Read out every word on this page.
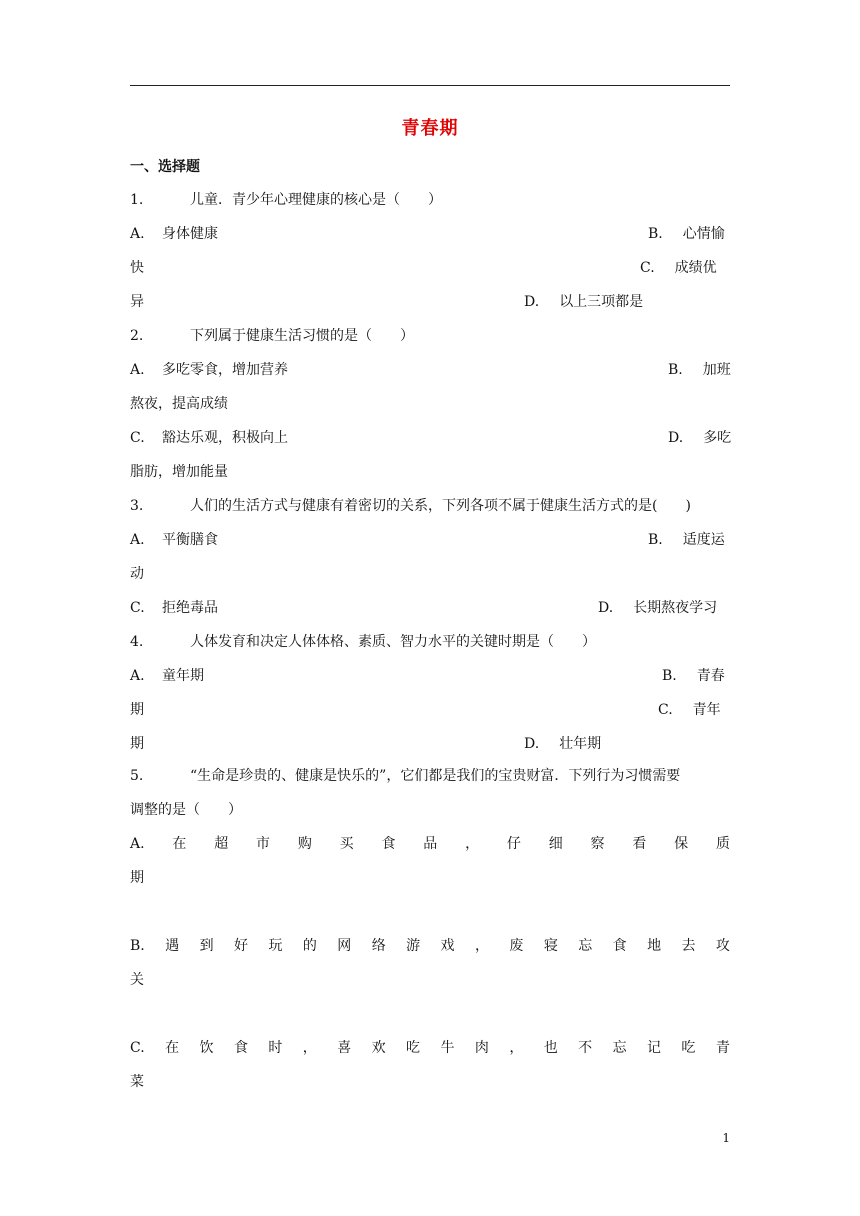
青春期
一、选择题
1.	儿童．青少年心理健康的核心是（　　）
A. 身体健康	B. 心情愉
快	C. 成绩优
异	D. 以上三项都是
2.	下列属于健康生活习惯的是（　　）
A. 多吃零食，增加营养	B. 加班
熬夜，提高成绩
C. 豁达乐观，积极向上	D. 多吃
脂肪，增加能量
3.	人们的生活方式与健康有着密切的关系，下列各项不属于健康生活方式的是(　　)
A. 平衡膳食	B. 适度运
动
C. 拒绝毒品	D. 长期熬夜学习
4.	人体发育和决定人体体格、素质、智力水平的关键时期是（　　）
A. 童年期	B. 青春
期	C. 青年
期	D. 壮年期
5.	“生命是珍贵的、健康是快乐的”，它们都是我们的宝贵财富．下列行为习惯需要
调整的是（　　）
A. 在 超 市 购 买 食 品 ， 仔 细 察 看 保 质
期
B. 遇 到 好 玩 的 网 络 游 戏 ， 废 寝 忘 食 地 去 攻
关
C. 在 饮 食 时 ， 喜 欢 吃 牛 肉 ， 也 不 忘 记 吃 青
菜
1
